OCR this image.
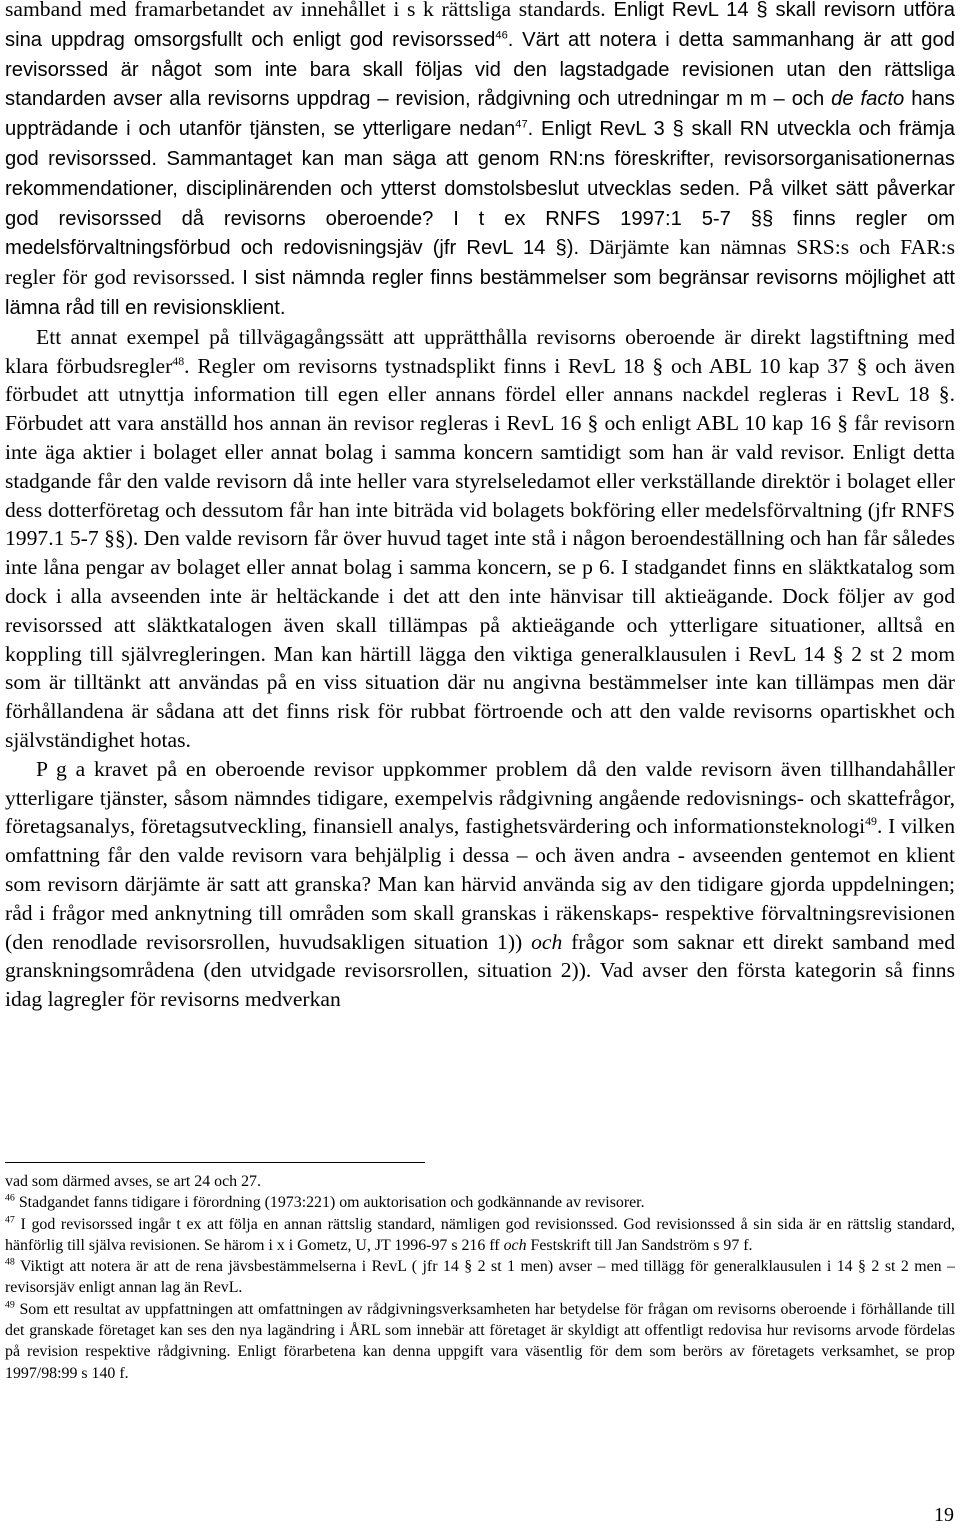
samband med framarbetandet av innehållet i s k rättsliga standards. Enligt RevL 14 § skall revisorn utföra sina uppdrag omsorgsfullt och enligt god revisorssed$^{46}$. Värt att notera i detta sammanhang är att god revisorssed är något som inte bara skall följas vid den lagstadgade revisionen utan den rättsliga standarden avser alla revisorns uppdrag – revision, rådgivning och utredningar m m – och de facto hans uppträdande i och utanför tjänsten, se ytterligare nedan$^{47}$. Enligt RevL 3 § skall RN utveckla och främja god revisorssed. Sammantaget kan man säga att genom RN:ns föreskrifter, revisorsorganisationernas rekommendationer, disciplinärenden och ytterst domstolsbeslut utvecklas seden. På vilket sätt påverkar god revisorssed då revisorns oberoende? I t ex RNFS 1997:1 5-7 §§ finns regler om medelsförvaltningsförbud och redovisningsjäv (jfr RevL 14 §). Därjämte kan nämnas SRS:s och FAR:s regler för god revisorssed. I sist nämnda regler finns bestämmelser som begränsar revisorns möjlighet att lämna råd till en revisionsklient.

Ett annat exempel på tillvägagångssätt att upprätthålla revisorns oberoende är direkt lagstiftning med klara förbudsregler$^{48}$. Regler om revisorns tystnadsplikt finns i RevL 18 § och ABL 10 kap 37 § och även förbudet att utnyttja information till egen eller annans fördel eller annans nackdel regleras i RevL 18 §. Förbudet att vara anställd hos annan än revisor regleras i RevL 16 § och enligt ABL 10 kap 16 § får revisorn inte äga aktier i bolaget eller annat bolag i samma koncern samtidigt som han är vald revisor. Enligt detta stadgande får den valde revisorn då inte heller vara styrelseledamot eller verkställande direktör i bolaget eller dess dotterföretag och dessutom får han inte biträda vid bolagets bokföring eller medelsförvaltning (jfr RNFS 1997.1 5-7 §§). Den valde revisorn får över huvud taget inte stå i någon beroendeställning och han får således inte låna pengar av bolaget eller annat bolag i samma koncern, se p 6. I stadgandet finns en släktkatalog som dock i alla avseenden inte är heltäckande i det att den inte hänvisar till aktieägande. Dock följer av god revisorssed att släktkatalogen även skall tillämpas på aktieägande och ytterligare situationer, alltså en koppling till självregleringen. Man kan härtill lägga den viktiga generalklausulen i RevL 14 § 2 st 2 mom som är tilltänkt att användas på en viss situation där nu angivna bestämmelser inte kan tillämpas men där förhållandena är sådana att det finns risk för rubbat förtroende och att den valde revisorns opartiskhet och självständighet hotas.

P g a kravet på en oberoende revisor uppkommer problem då den valde revisorn även tillhandahåller ytterligare tjänster, såsom nämndes tidigare, exempelvis rådgivning angående redovisnings- och skattefrågor, företagsanalys, företagsutveckling, finansiell analys, fastighetsvärdering och informationsteknologi$^{49}$. I vilken omfattning får den valde revisorn vara behjälplig i dessa – och även andra - avseenden gentemot en klient som revisorn därjämte är satt att granska? Man kan härvid använda sig av den tidigare gjorda uppdelningen; råd i frågor med anknytning till områden som skall granskas i räkenskaps- respektive förvaltningsrevisionen (den renodlade revisorsrollen, huvudsakligen situation 1)) och frågor som saknar ett direkt samband med granskningsområdena (den utvidgade revisorsrollen, situation 2)). Vad avser den första kategorin så finns idag lagregler för revisorns medverkan

vad som därmed avses, se art 24 och 27.

$^{46}$ Stadgandet fanns tidigare i förordning (1973:221) om auktorisation och godkännande av revisorer.

$^{47}$ I god revisorssed ingår t ex att följa en annan rättslig standard, nämligen god revisionssed. God revisionssed å sin sida är en rättslig standard, hänförlig till själva revisionen. Se härom i x i Gometz, U, JT 1996-97 s 216 ff och Festskrift till Jan Sandström s 97 f.

$^{48}$ Viktigt att notera är att de rena jävsbestämmelserna i RevL ( jfr 14 § 2 st 1 men) avser – med tillägg för generalklausulen i 14 § 2 st 2 men – revisorsjäv enligt annan lag än RevL.

$^{49}$ Som ett resultat av uppfattningen att omfattningen av rådgivningsverksamheten har betydelse för frågan om revisorns oberoende i förhållande till det granskade företaget kan ses den nya lagändring i ÅRL som innebär att företaget är skyldigt att offentligt redovisa hur revisorns arvode fördelas på revision respektive rådgivning. Enligt förarbetena kan denna uppgift vara väsentlig för dem som berörs av företagets verksamhet, se prop 1997/98:99 s 140 f.

19
